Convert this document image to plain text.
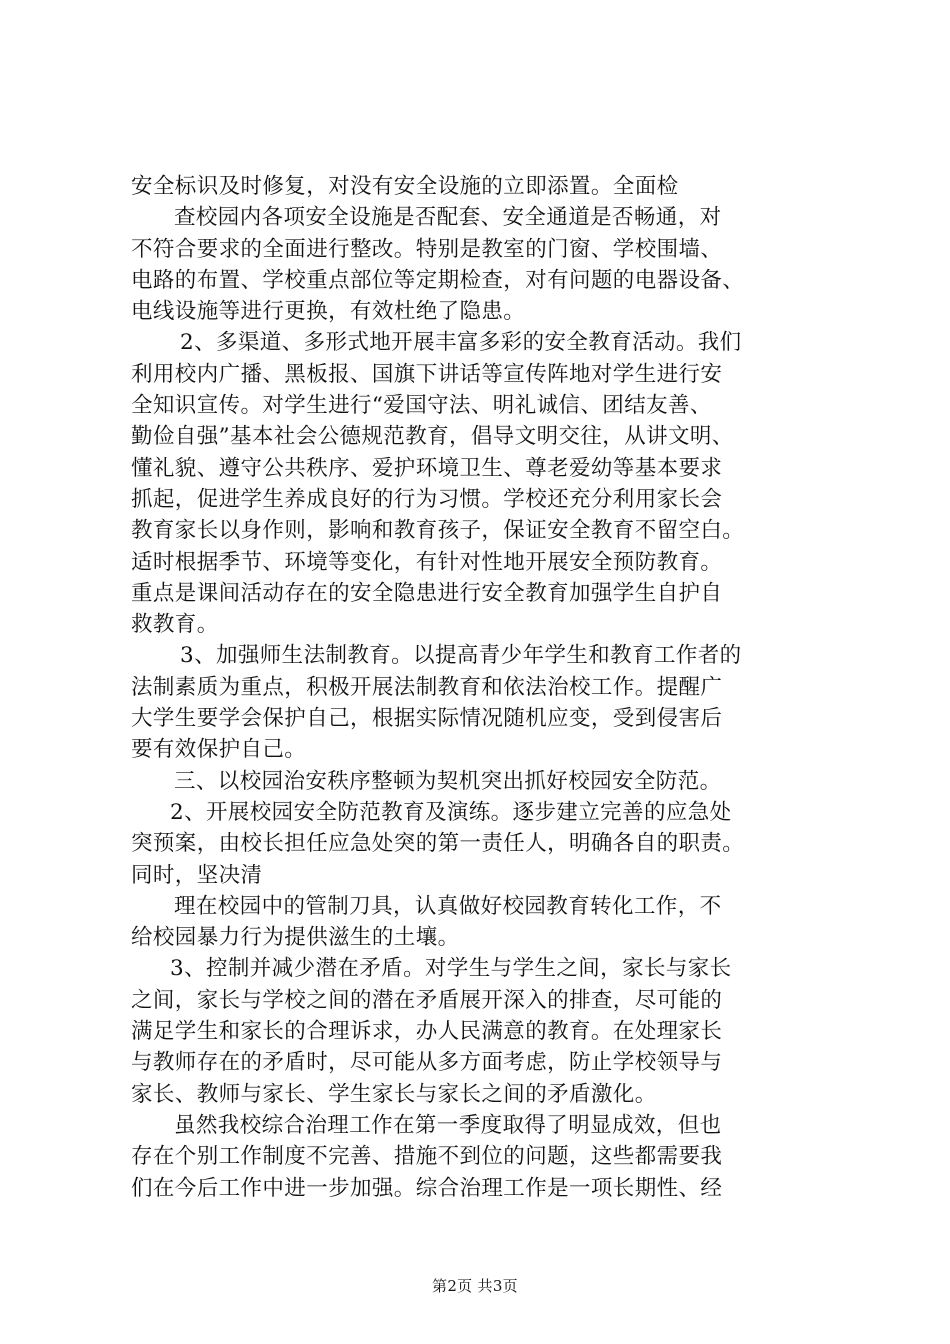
安全标识及时修复，对没有安全设施的立即添置。全面检
查校园内各项安全设施是否配套、安全通道是否畅通，对
不符合要求的全面进行整改。特别是教室的门窗、学校围墙、
电路的布置、学校重点部位等定期检查，对有问题的电器设备、
电线设施等进行更换，有效杜绝了隐患。
2、多渠道、多形式地开展丰富多彩的安全教育活动。我们
利用校内广播、黑板报、国旗下讲话等宣传阵地对学生进行安
全知识宣传。对学生进行“爱国守法、明礼诚信、团结友善、
勤俭自强”基本社会公德规范教育，倡导文明交往，从讲文明、
懂礼貌、遵守公共秩序、爱护环境卫生、尊老爱幼等基本要求
抓起，促进学生养成良好的行为习惯。学校还充分利用家长会
教育家长以身作则，影响和教育孩子，保证安全教育不留空白。
适时根据季节、环境等变化，有针对性地开展安全预防教育。
重点是课间活动存在的安全隐患进行安全教育加强学生自护自
救教育。
3、加强师生法制教育。以提高青少年学生和教育工作者的
法制素质为重点，积极开展法制教育和依法治校工作。提醒广
大学生要学会保护自己，根据实际情况随机应变，受到侵害后
要有效保护自己。
三、以校园治安秩序整顿为契机突出抓好校园安全防范。
2、开展校园安全防范教育及演练。逐步建立完善的应急处
突预案，由校长担任应急处突的第一责任人，明确各自的职责。
同时，坚决清
理在校园中的管制刀具，认真做好校园教育转化工作，不
给校园暴力行为提供滋生的土壤。
3、控制并减少潜在矛盾。对学生与学生之间，家长与家长
之间，家长与学校之间的潜在矛盾展开深入的排查，尽可能的
满足学生和家长的合理诉求，办人民满意的教育。在处理家长
与教师存在的矛盾时，尽可能从多方面考虑，防止学校领导与
家长、教师与家长、学生家长与家长之间的矛盾激化。
虽然我校综合治理工作在第一季度取得了明显成效，但也
存在个别工作制度不完善、措施不到位的问题，这些都需要我
们在今后工作中进一步加强。综合治理工作是一项长期性、经
第2页 共3页
